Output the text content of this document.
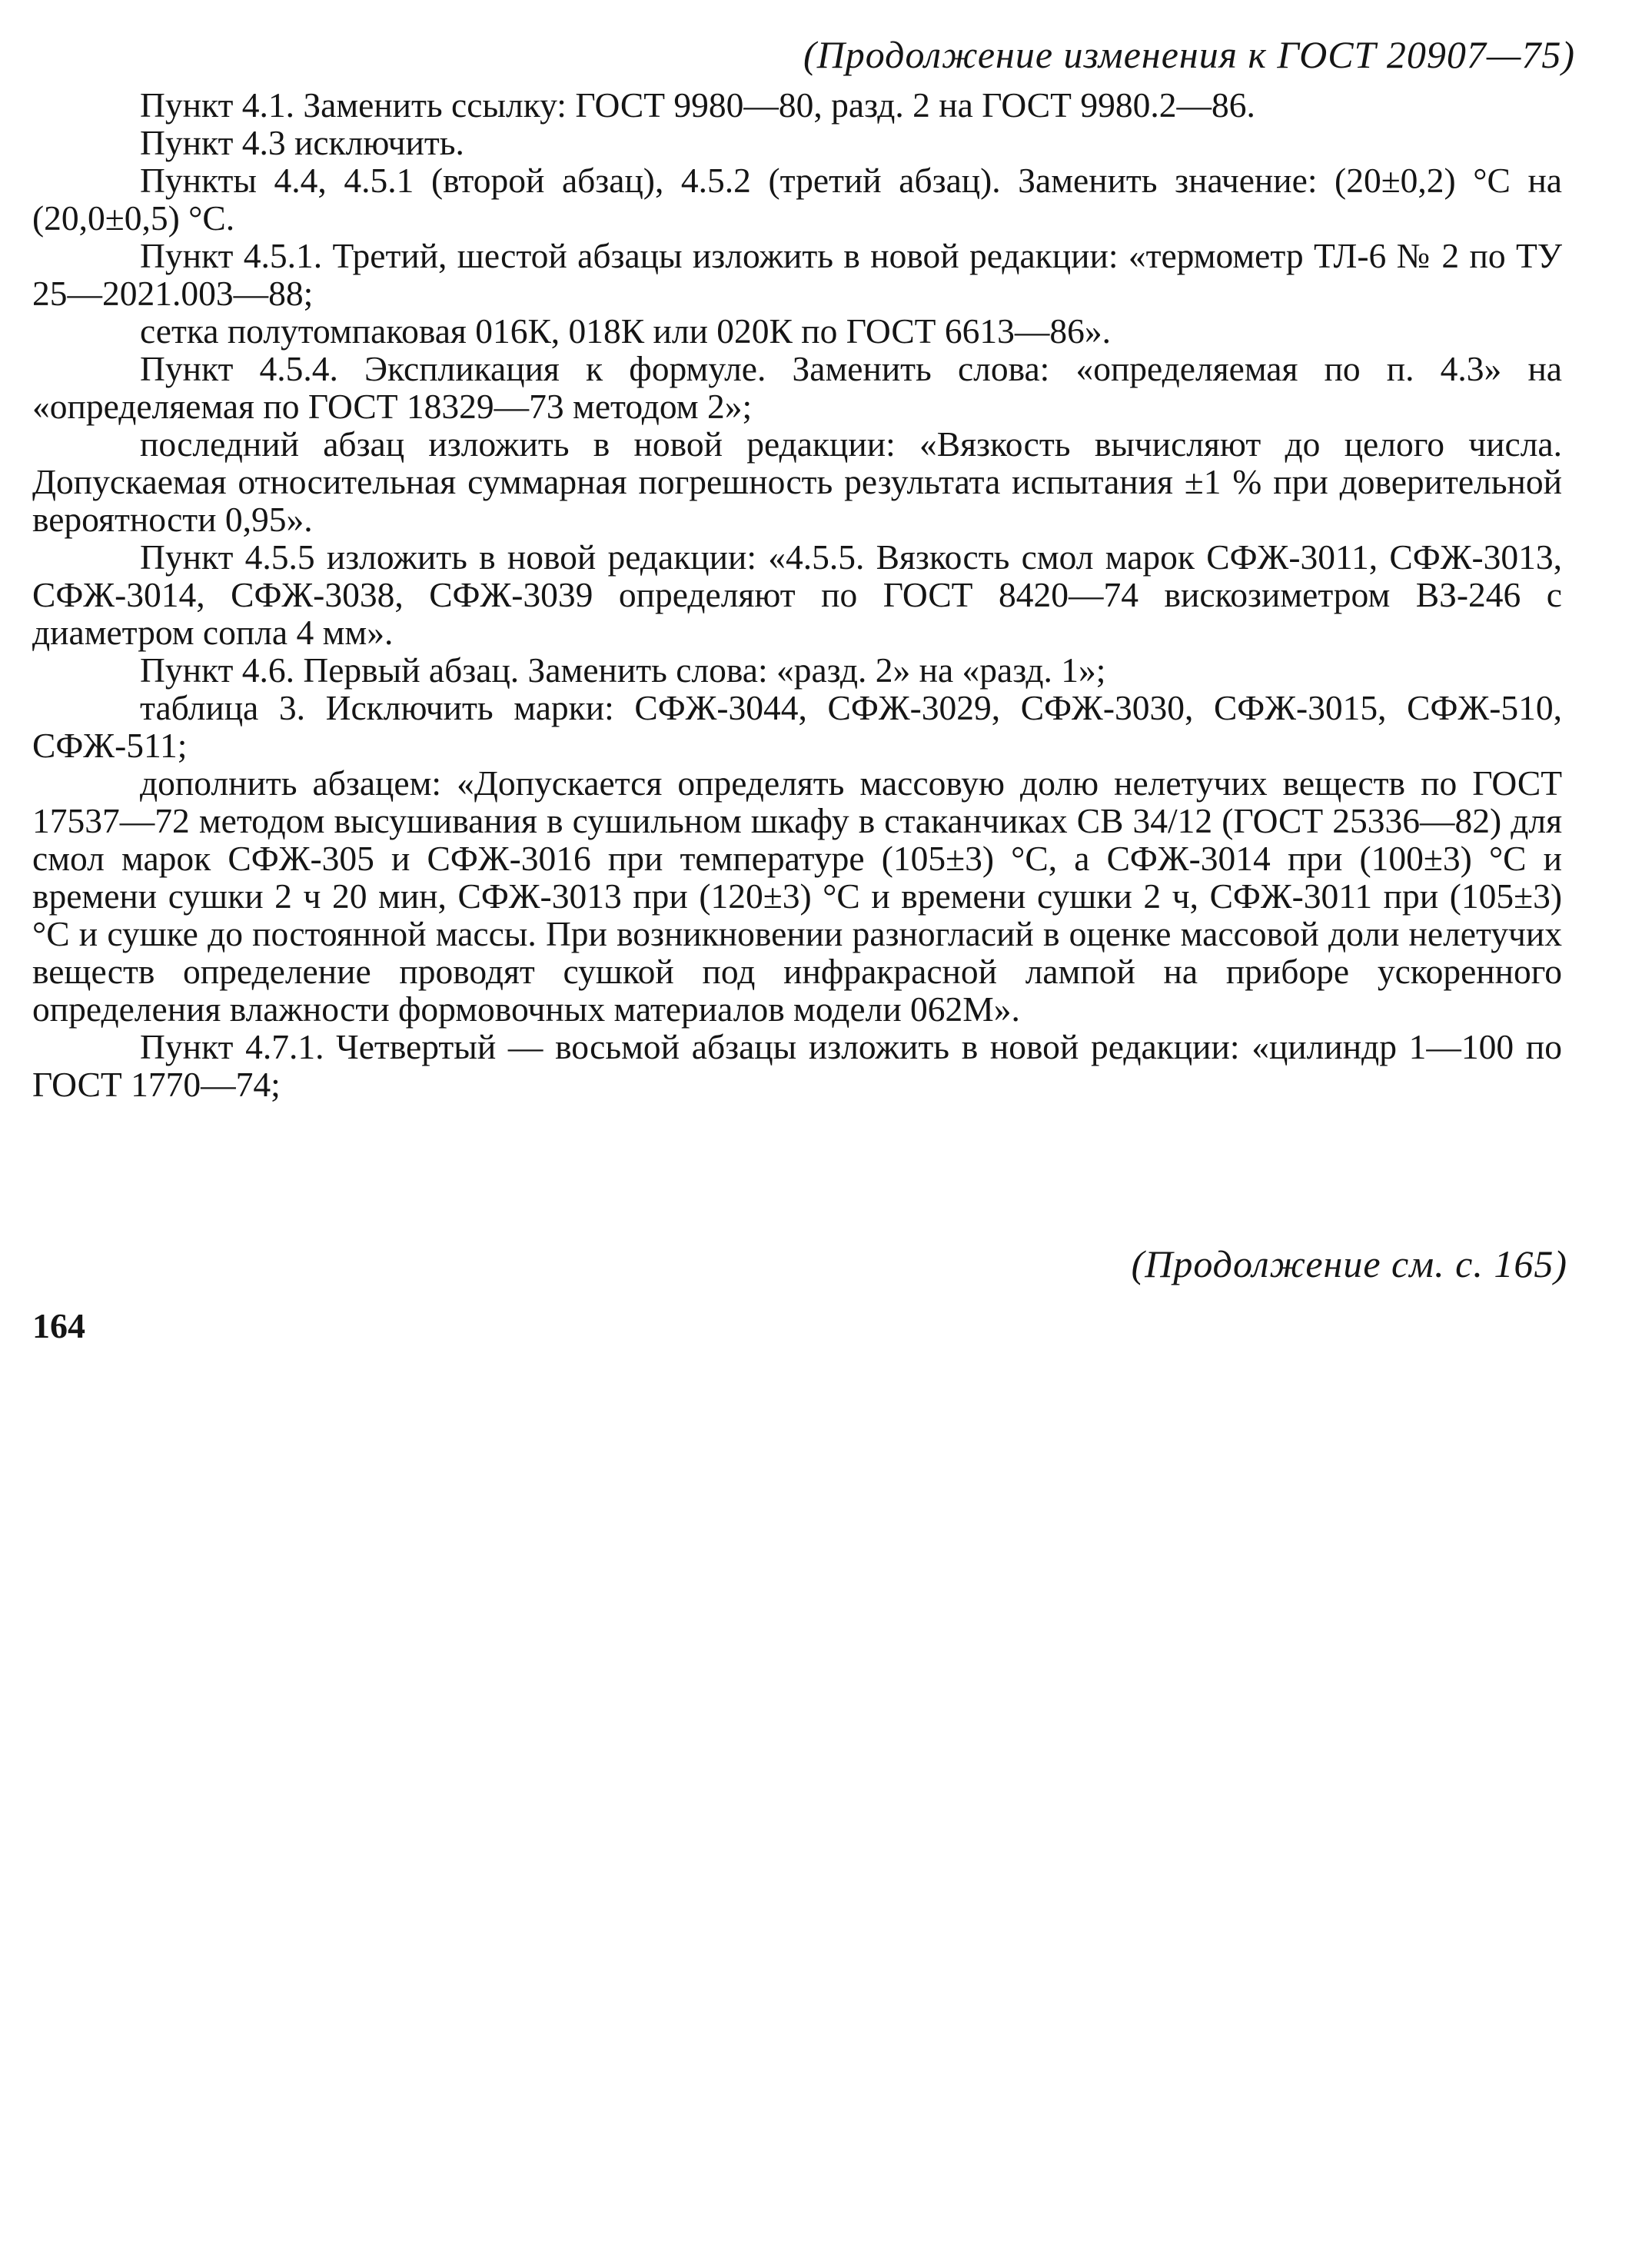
(Продолжение изменения к ГОСТ 20907—75)

Пункт 4.1. Заменить ссылку: ГОСТ 9980—80, разд. 2 на ГОСТ 9980.2—86.

Пункт 4.3 исключить.

Пункты 4.4, 4.5.1 (второй абзац), 4.5.2 (третий абзац). Заменить значение: (20±0,2) °С на (20,0±0,5) °С.

Пункт 4.5.1. Третий, шестой абзацы изложить в новой редакции: «термометр ТЛ-6 № 2 по ТУ 25—2021.003—88;

сетка полутомпаковая 016К, 018К или 020К по ГОСТ 6613—86».

Пункт 4.5.4. Экспликация к формуле. Заменить слова: «определяемая по п. 4.3» на «определяемая по ГОСТ 18329—73 методом 2»;

последний абзац изложить в новой редакции: «Вязкость вычисляют до целого числа. Допускаемая относительная суммарная погрешность результата испытания ±1 % при доверительной вероятности 0,95».

Пункт 4.5.5 изложить в новой редакции: «4.5.5. Вязкость смол марок СФЖ-3011, СФЖ-3013, СФЖ-3014, СФЖ-3038, СФЖ-3039 определяют по ГОСТ 8420—74 вискозиметром ВЗ-246 с диаметром сопла 4 мм».

Пункт 4.6. Первый абзац. Заменить слова: «разд. 2» на «разд. 1»;

таблица 3. Исключить марки: СФЖ-3044, СФЖ-3029, СФЖ-3030, СФЖ-3015, СФЖ-510, СФЖ-511;

дополнить абзацем: «Допускается определять массовую долю нелетучих веществ по ГОСТ 17537—72 методом высушивания в сушильном шкафу в стаканчиках СВ 34/12 (ГОСТ 25336—82) для смол марок СФЖ-305 и СФЖ-3016 при температуре (105±3) °С, а СФЖ-3014 при (100±3) °С и времени сушки 2 ч 20 мин, СФЖ-3013 при (120±3) °С и времени сушки 2 ч, СФЖ-3011 при (105±3) °С и сушке до постоянной массы. При возникновении разногласий в оценке массовой доли нелетучих веществ определение проводят сушкой под инфракрасной лампой на приборе ускоренного определения влажности формовочных материалов модели 062М».

Пункт 4.7.1. Четвертый — восьмой абзацы изложить в новой редакции: «цилиндр 1—100 по ГОСТ 1770—74;

(Продолжение см. с. 165)
164
